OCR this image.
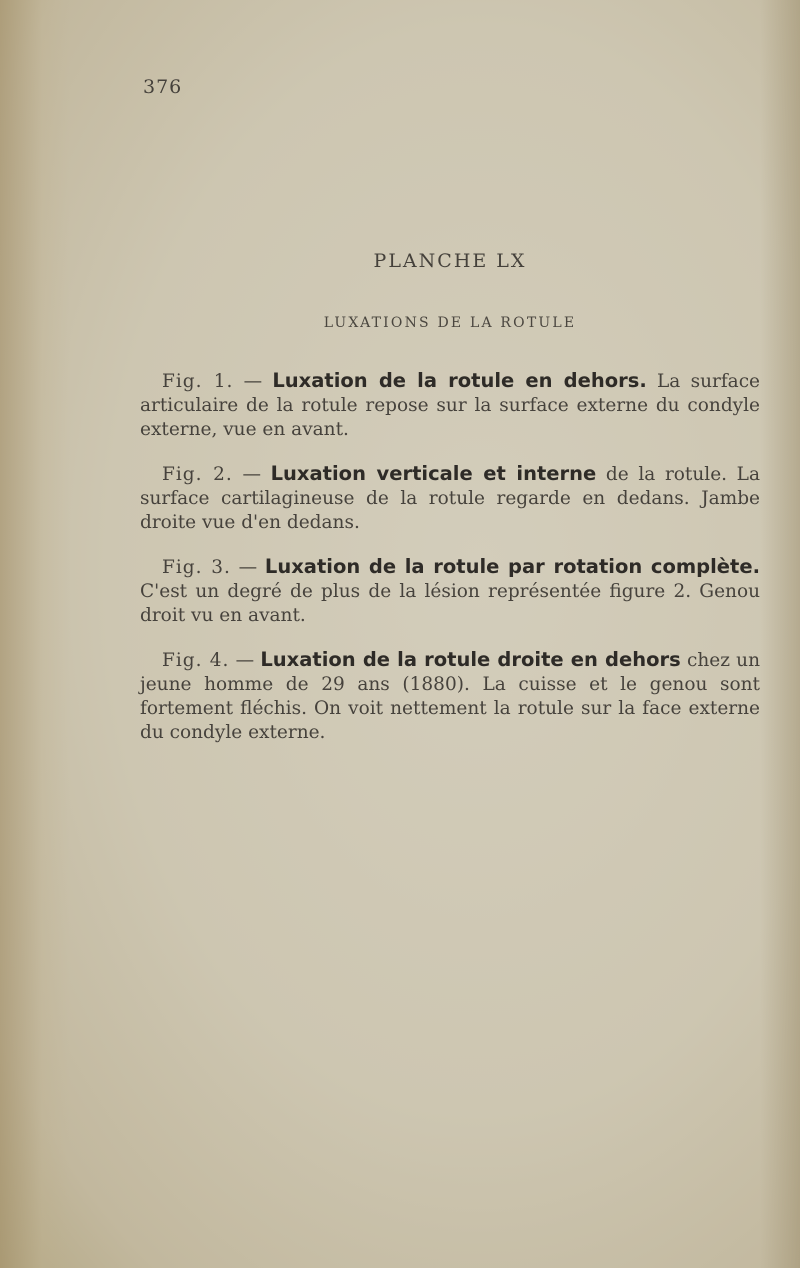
376
PLANCHE LX
LUXATIONS DE LA ROTULE

Fig. 1. — Luxation de la rotule en dehors. La surface articulaire de la rotule repose sur la surface externe du condyle externe, vue en avant.

Fig. 2. — Luxation verticale et interne de la rotule. La surface cartilagineuse de la rotule regarde en dedans. Jambe droite vue d'en dedans.

Fig. 3. — Luxation de la rotule par rotation complète. C'est un degré de plus de la lésion représentée figure 2. Genou droit vu en avant.

Fig. 4. — Luxation de la rotule droite en dehors chez un jeune homme de 29 ans (1880). La cuisse et le genou sont fortement fléchis. On voit nettement la rotule sur la face externe du condyle externe.
